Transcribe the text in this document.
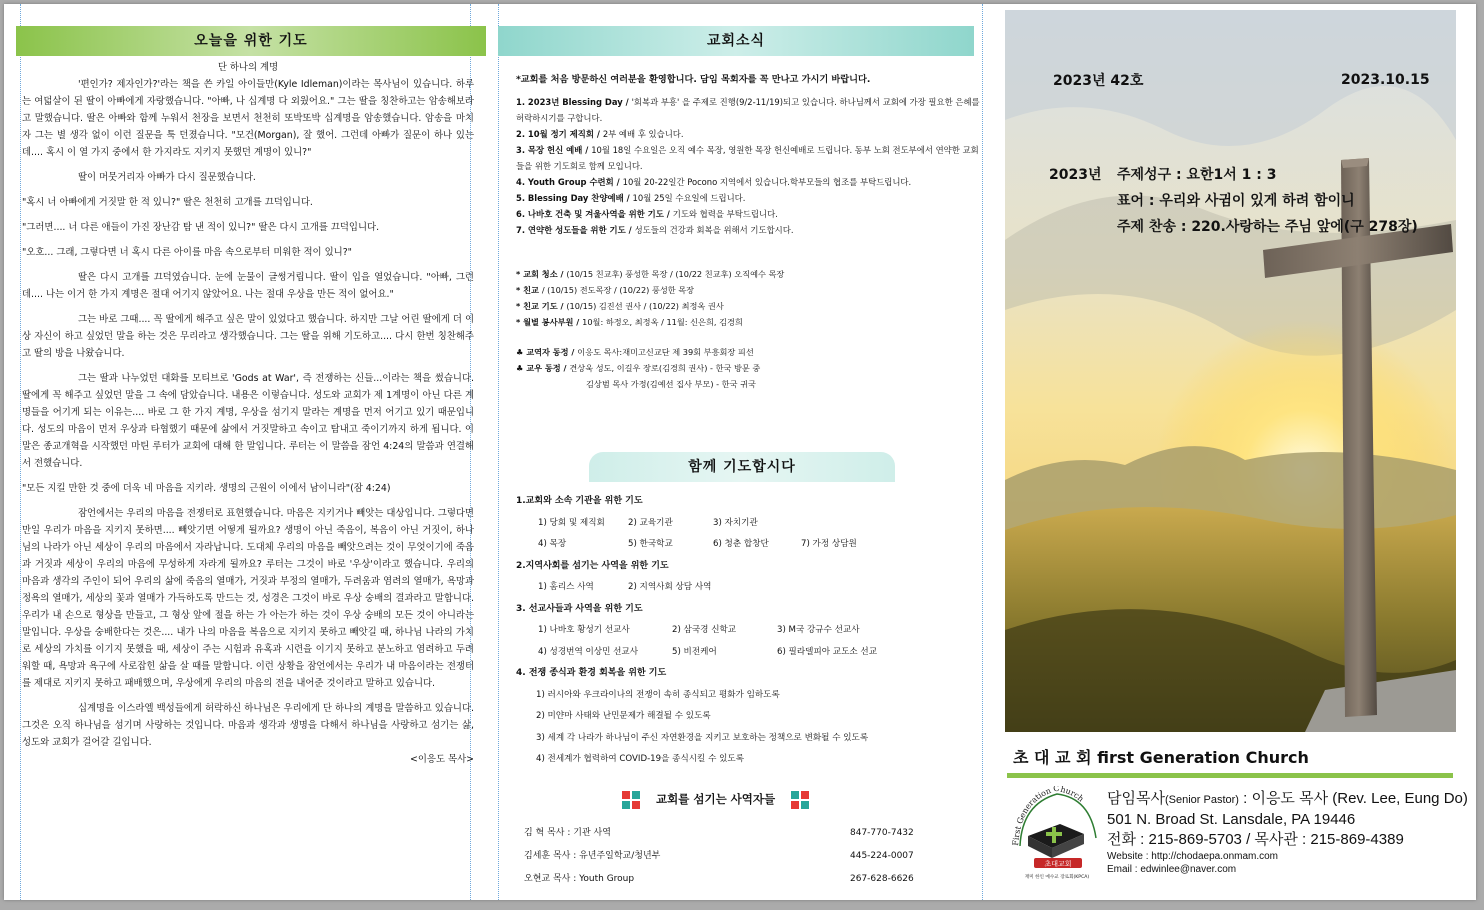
오늘을 위한 기도

단 하나의 계명

'편인가? 제자인가?'라는 책을 쓴 카일 아이들만(Kyle Idleman)이라는 목사님이 있습니다. 하루는 여덟살이 된 딸이 아빠에게 자랑했습니다. "아빠, 나 십계명 다 외웠어요." 그는 딸을 칭찬하고는 암송해보라고 말했습니다. 딸은 아빠와 함께 누워서 천장을 보면서 천천히 또박또박 십계명을 암송했습니다. 암송을 마치자 그는 별 생각 없이 이런 질문을 툭 던졌습니다. "모건(Morgan), 잘 했어. 그런데 아빠가 질문이 하나 있는데.... 혹시 이 열 가지 중에서 한 가지라도 지키지 못했던 계명이 있니?"

딸이 머뭇거리자 아빠가 다시 질문했습니다.

"혹시 너 아빠에게 거짓말 한 적 있니?" 딸은 천천히 고개를 끄덕입니다.

"그러면.... 너 다른 애들이 가진 장난감 탐 낸 적이 있니?" 딸은 다시 고개를 끄덕입니다.

"오호... 그래, 그렇다면 너 혹시 다른 아이를 마음 속으로부터 미워한 적이 있니?"

딸은 다시 고개를 끄덕였습니다. 눈에 눈물이 글썽거립니다. 딸이 입을 열었습니다. "아빠, 그런데.... 나는 이거 한 가지 계명은 절대 어기지 않았어요. 나는 절대 우상을 만든 적이 없어요."

그는 바로 그때.... 꼭 딸에게 해주고 싶은 말이 있었다고 했습니다. 하지만 그날 어린 딸에게 더 이상 자신이 하고 싶었던 말을 하는 것은 무리라고 생각했습니다. 그는 딸을 위해 기도하고.... 다시 한번 칭찬해주고 딸의 방을 나왔습니다.

그는 딸과 나누었던 대화를 모티브로 'Gods at War', 즉 전쟁하는 신들...이라는 책을 썼습니다. 딸에게 꼭 해주고 싶었던 말을 그 속에 담았습니다. 내용은 이렇습니다. 성도와 교회가 제 1계명이 아닌 다른 계명들을 어기게 되는 이유는.... 바로 그 한 가지 계명, 우상을 섬기지 말라는 계명을 먼저 어기고 있기 때문입니다. 성도의 마음이 먼저 우상과 타협했기 때문에 삶에서 거짓말하고 속이고 탐내고 죽이기까지 하게 됩니다. 이 말은 종교개혁을 시작했던 마틴 루터가 교회에 대해 한 말입니다. 루터는 이 말씀을 잠언 4:24의 말씀과 연결해서 전했습니다.

"모든 지킬 만한 것 중에 더욱 네 마음을 지키라. 생명의 근원이 이에서 남이니라"(잠 4:24)

잠언에서는 우리의 마음을 전쟁터로 표현했습니다. 마음은 지키거나 빼앗는 대상입니다. 그렇다면 만일 우리가 마음을 지키지 못하면.... 빼앗기면 어떻게 될까요? 생명이 아닌 죽음이, 복음이 아닌 거짓이, 하나님의 나라가 아닌 세상이 우리의 마음에서 자라납니다. 도대체 우리의 마음을 빼앗으려는 것이 무엇이기에 죽음과 거짓과 세상이 우리의 마음에 무성하게 자라게 될까요? 루터는 그것이 바로 '우상'이라고 했습니다. 우리의 마음과 생각의 주인이 되어 우리의 삶에 죽음의 열매가, 거짓과 부정의 열매가, 두려움과 염려의 열매가, 욕망과 정욕의 열매가, 세상의 꽃과 열매가 가득하도록 만드는 것, 성경은 그것이 바로 우상 숭배의 결과라고 말합니다. 우리가 내 손으로 형상을 만들고, 그 형상 앞에 절을 하는 가 아는가 하는 것이 우상 숭배의 모든 것이 아니라는 말입니다. 우상을 숭배한다는 것은.... 내가 나의 마음을 복음으로 지키지 못하고 빼앗길 때, 하나님 나라의 가치로 세상의 가치를 이기지 못했을 때, 세상이 주는 시험과 유혹과 시련을 이기지 못하고 분노하고 염려하고 두려워할 때, 욕망과 욕구에 사로잡힌 삶을 살 때를 말합니다. 이런 상황을 잠언에서는 우리가 내 마음이라는 전쟁터를 제대로 지키지 못하고 패배했으며, 우상에게 우리의 마음의 전을 내어준 것이라고 말하고 있습니다.

십계명을 이스라엘 백성들에게 허락하신 하나님은 우리에게 단 하나의 계명을 말씀하고 있습니다. 그것은 오직 하나님을 섬기며 사랑하는 것입니다. 마음과 생각과 생명을 다해서 하나님을 사랑하고 섬기는 삶, 성도와 교회가 걸어갈 길입니다.

<이응도 목사>

교회소식
*교회를 처음 방문하신 여러분을 환영합니다. 담임 목회자를 꼭 만나고 가시기 바랍니다.
1. 2023년 Blessing Day / '회복과 부흥' 을 주제로 진행(9/2-11/19)되고 있습니다. 하나님께서 교회에 가장 필요한 은혜를 허락하시기를 구합니다.
2. 10월 정기 제직회 / 2부 예배 후 있습니다.
3. 목장 헌신 예배 / 10월 18일 수요일은 오직 예수 목장, 영원한 목장 헌신예배로 드립니다. 동부 노회 전도부에서 연약한 교회들을 위한 기도회로 함께 모입니다.
4. Youth Group 수련회 / 10월 20-22일간 Pocono 지역에서 있습니다.학부모들의 협조를 부탁드립니다.
5. Blessing Day 찬양예배 / 10월 25일 수요일에 드립니다.
6. 나바호 건축 및 겨울사역을 위한 기도 / 기도와 협력을 부탁드립니다.
7. 연약한 성도들을 위한 기도 / 성도들의 건강과 회복을 위해서 기도합시다.
* 교회 청소 / (10/15 친교후) 풍성한 목장 / (10/22 친교후) 오직예수 목장
* 친교 / (10/15) 전도목장 / (10/22) 풍성한 목장
* 친교 기도 / (10/15) 김진선 권사 / (10/22) 최정옥 권사
* 월별 봉사부원 / 10월: 하정오, 최정옥 / 11월: 신은희, 김경희
♣ 교역자 동정 / 이응도 목사:재미고신교단 제 39회 부흥회장 피선
♣ 교우 동정 / 견상욱 성도, 이길우 장로(김경희 권사) - 한국 방문 중
김상범 목사 가정(김예선 집사 부모) - 한국 귀국
함께 기도합시다
1.교회와 소속 기관을 위한 기도
1) 당회 및 제직회	2) 교육기관	3) 자치기관
4) 목장	5) 한국학교	6) 청춘 합창단	7) 가정 상담원
2.지역사회를 섬기는 사역을 위한 기도
1) 홈리스 사역	2) 지역사회 상담 사역
3. 선교사들과 사역을 위한 기도
1) 나바호 황성기 선교사	2) 삼국경 신학교	3) M국 강규수 선교사
4) 성경번역 이상민 선교사	5) 비전케어	6) 필라델피아 교도소 선교
4. 전쟁 종식과 환경 회복을 위한 기도
1) 러시아와 우크라이나의 전쟁이 속히 종식되고 평화가 임하도록
2) 미얀마 사태와 난민문제가 해결될 수 있도록
3) 세계 각 나라가 하나님이 주신 자연환경을 지키고 보호하는 정책으로 변화될 수 있도록
4) 전세계가 협력하여 COVID-19을 종식시킬 수 있도록
교회를 섬기는 사역자들
김 혁 목사 : 기관 사역	847-770-7432
김세훈 목사 : 유년주일학교/청년부	445-224-0007
오현교 목사 : Youth Group	267-628-6626
2023년 42호	2023.10.15
2023년 주제성구 : 요한1서 1 : 3
표어 : 우리와 사귐이 있게 하려 함이니
주제 찬송 : 220.사랑하는 주님 앞에(구 278장)
초 대 교 회 first Generation Church
First Generation Church
초대교회
재미 한인 예수교 장로회(KPCA)
담임목사(Senior Pastor) : 이응도 목사 (Rev. Lee, Eung Do)
501 N. Broad St. Lansdale, PA 19446
전화 : 215-869-5703 / 목사관 : 215-869-4389
Website : http://chodaepa.onmam.com
Email : edwinlee@naver.com
